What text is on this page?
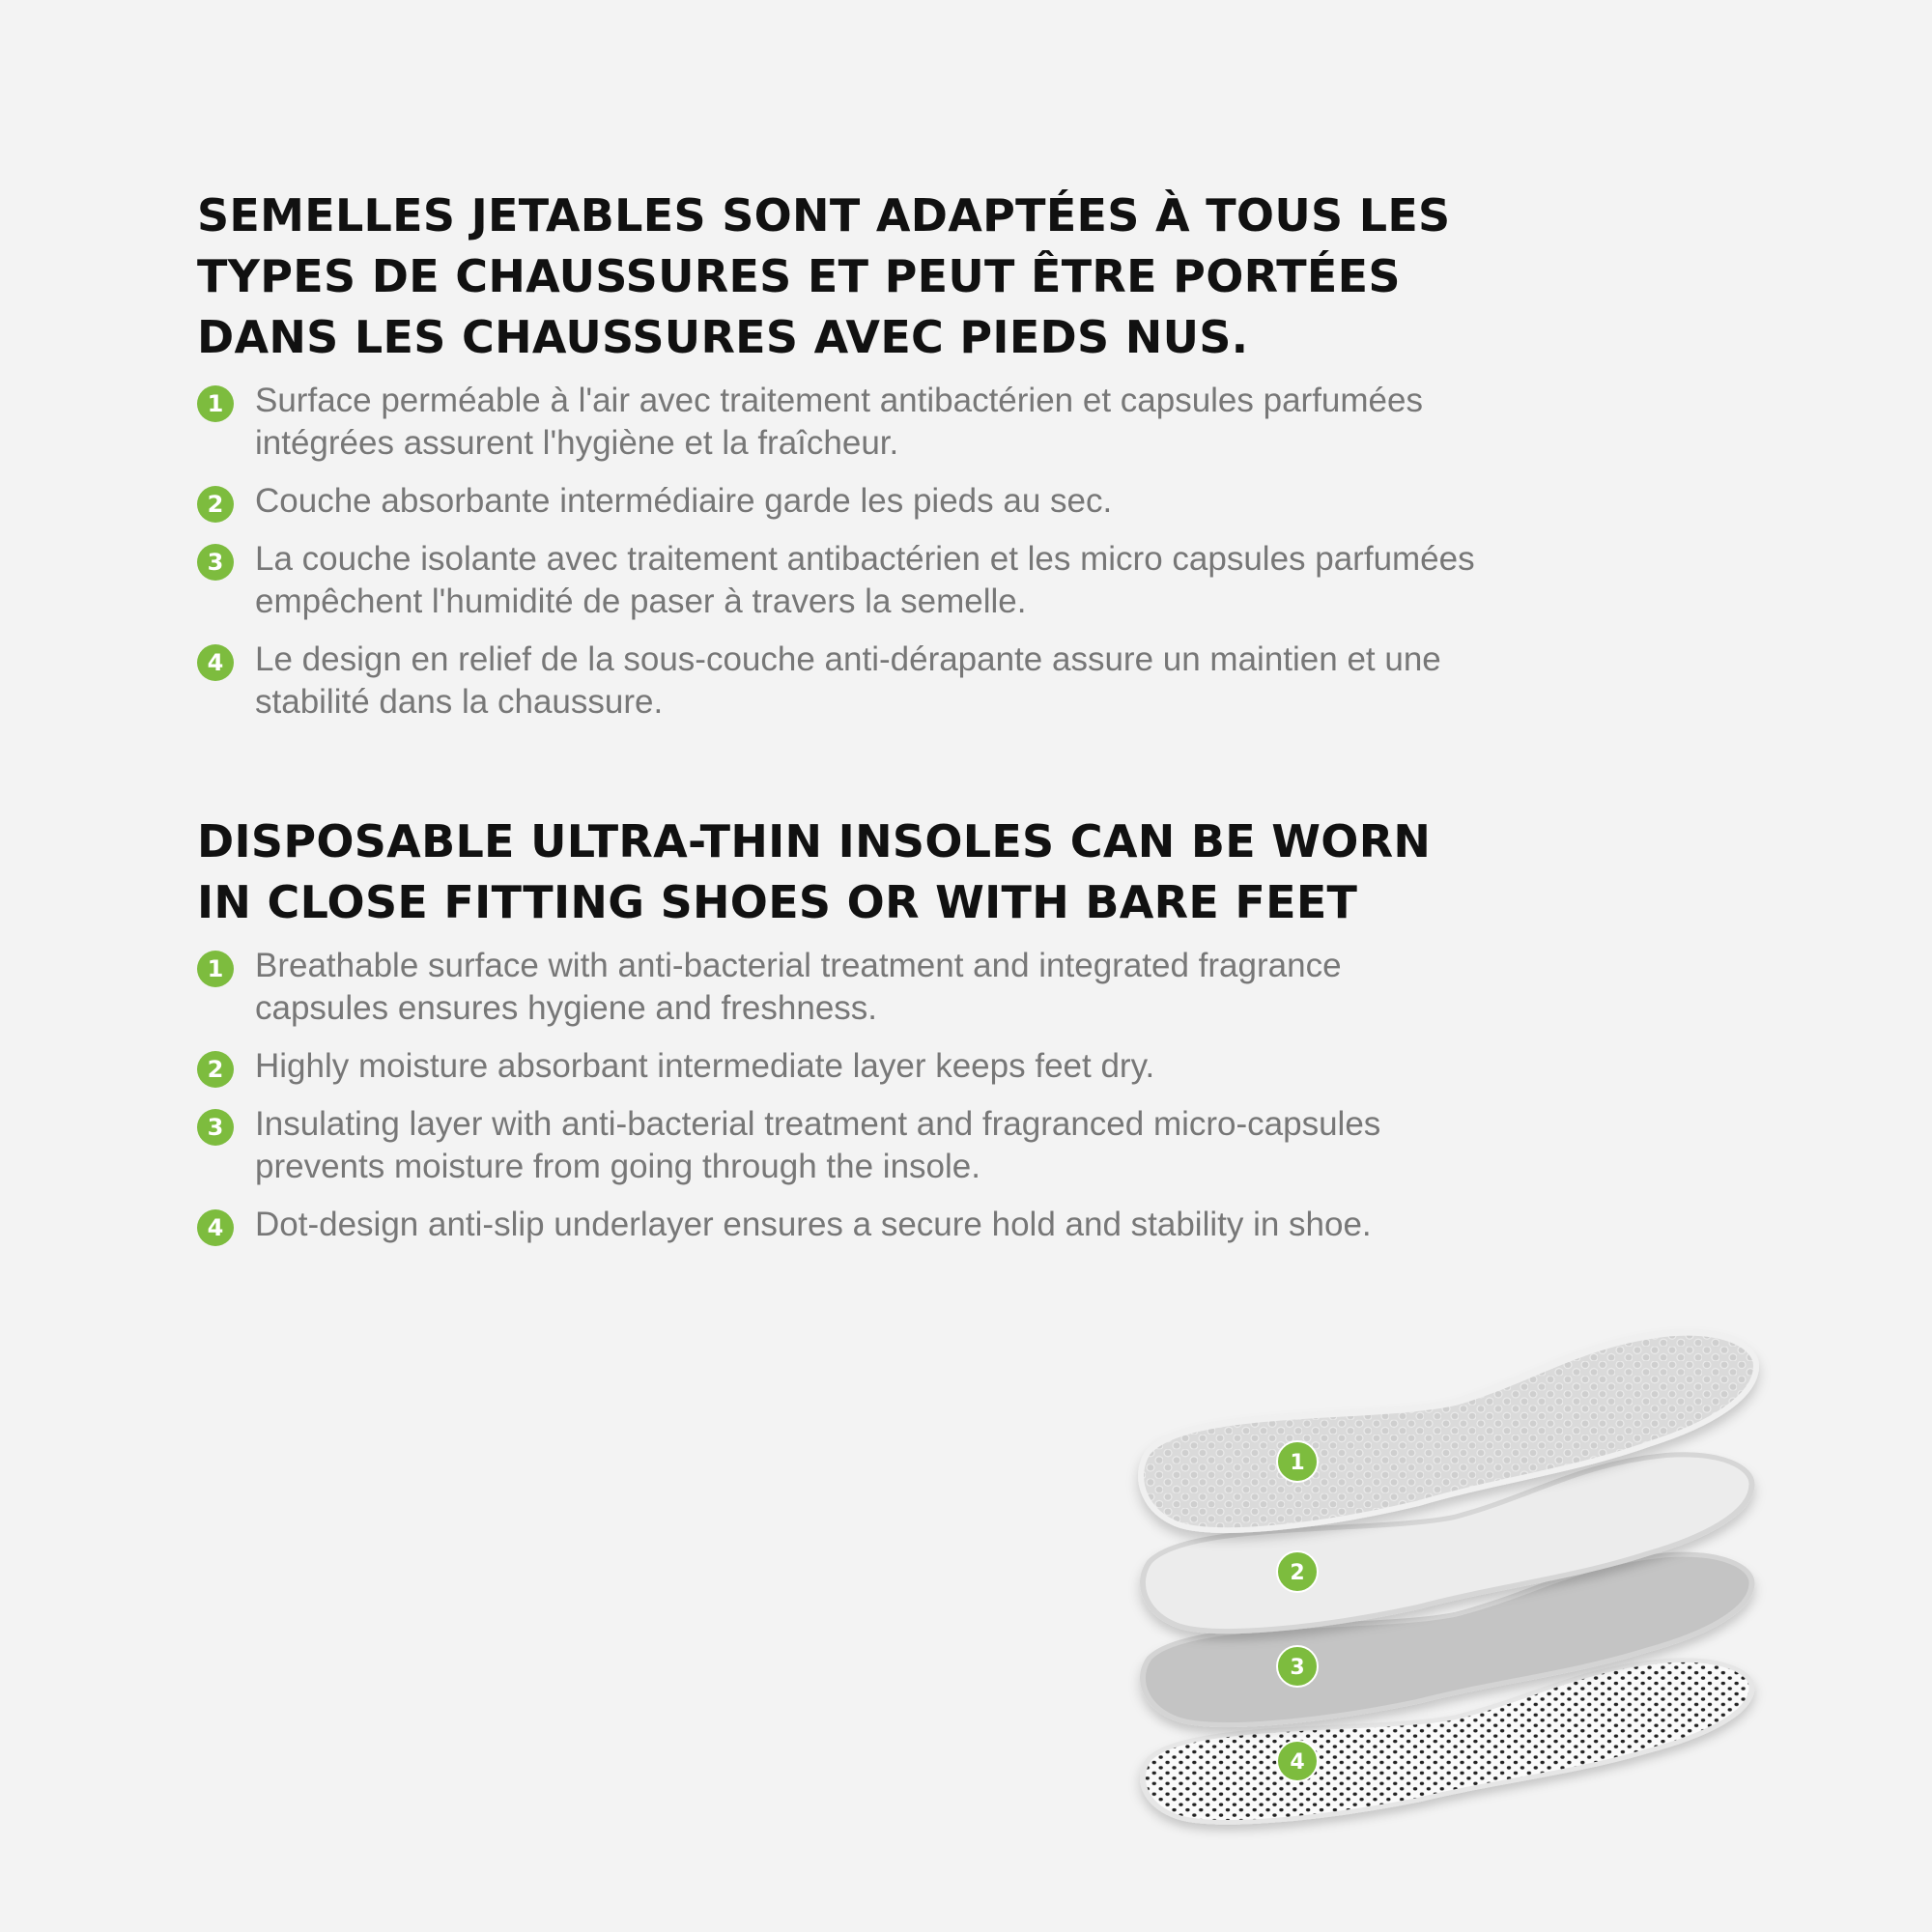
SEMELLES JETABLES SONT ADAPTÉES À TOUS LES
TYPES DE CHAUSSURES ET PEUT ÊTRE PORTÉES
DANS LES CHAUSSURES AVEC PIEDS NUS.
1 Surface perméable à l'air avec traitement antibactérien et capsules parfumées
intégrées assurent l'hygiène et la fraîcheur.
2 Couche absorbante intermédiaire garde les pieds au sec.
3 La couche isolante avec traitement antibactérien et les micro capsules parfumées
empêchent l'humidité de paser à travers la semelle.
4 Le design en relief de la sous-couche anti-dérapante assure un maintien et une
stabilité dans la chaussure.
DISPOSABLE ULTRA-THIN INSOLES CAN BE WORN
IN CLOSE FITTING SHOES OR WITH BARE FEET
1 Breathable surface with anti-bacterial treatment and integrated fragrance
capsules ensures hygiene and freshness.
2 Highly moisture absorbant intermediate layer keeps feet dry.
3 Insulating layer with anti-bacterial treatment and fragranced micro-capsules
prevents moisture from going through the insole.
4 Dot-design anti-slip underlayer ensures a secure hold and stability in shoe.
1
2
3
4
